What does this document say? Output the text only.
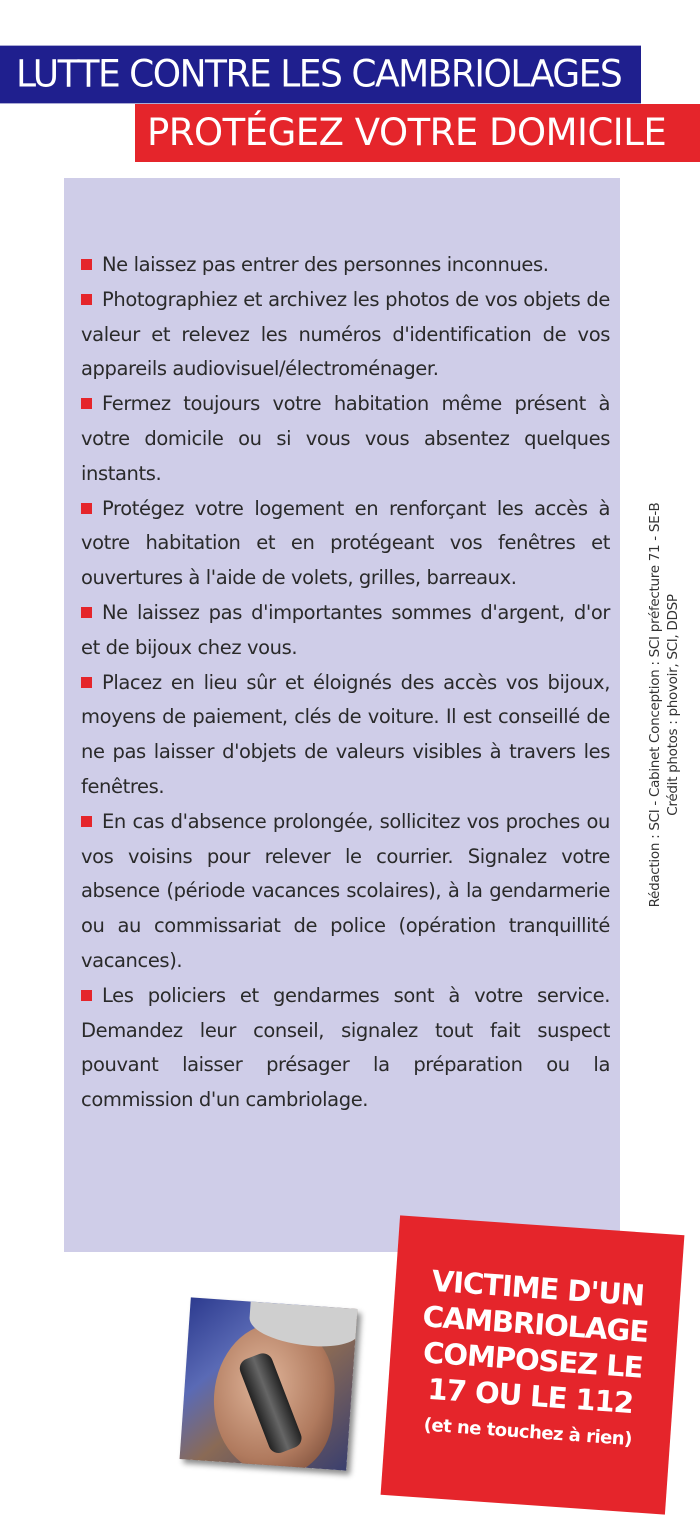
LUTTE CONTRE LES CAMBRIOLAGES
PROTÉGEZ VOTRE DOMICILE

Ne laissez pas entrer des personnes inconnues.

Photographiez et archivez les photos de vos objets de valeur et relevez les numéros d'identification de vos appareils audiovisuel/électroménager.

Fermez toujours votre habitation même présent à votre domicile ou si vous vous absentez quelques instants.

Protégez votre logement en renforçant les accès à votre habitation et en protégeant vos fenêtres et ouvertures à l'aide de volets, grilles, barreaux.

Ne laissez pas d'importantes sommes d'argent, d'or et de bijoux chez vous.

Placez en lieu sûr et éloignés des accès vos bijoux, moyens de paiement, clés de voiture. Il est conseillé de ne pas laisser d'objets de valeurs visibles à travers les fenêtres.

En cas d'absence prolongée, sollicitez vos proches ou vos voisins pour relever le courrier. Signalez votre absence (période vacances scolaires), à la gendarmerie ou au commissariat de police (opération tranquillité vacances).

Les policiers et gendarmes sont à votre service. Demandez leur conseil, signalez tout fait suspect pouvant laisser présager la préparation ou la commission d'un cambriolage.

Rédaction : SCI - Cabinet Conception : SCI préfecture 71 - SE-B Crédit photos : phovoir, SCI, DDSP
VICTIME D'UN
CAMBRIOLAGE
COMPOSEZ LE
17 OU LE 112
(et ne touchez à rien)
